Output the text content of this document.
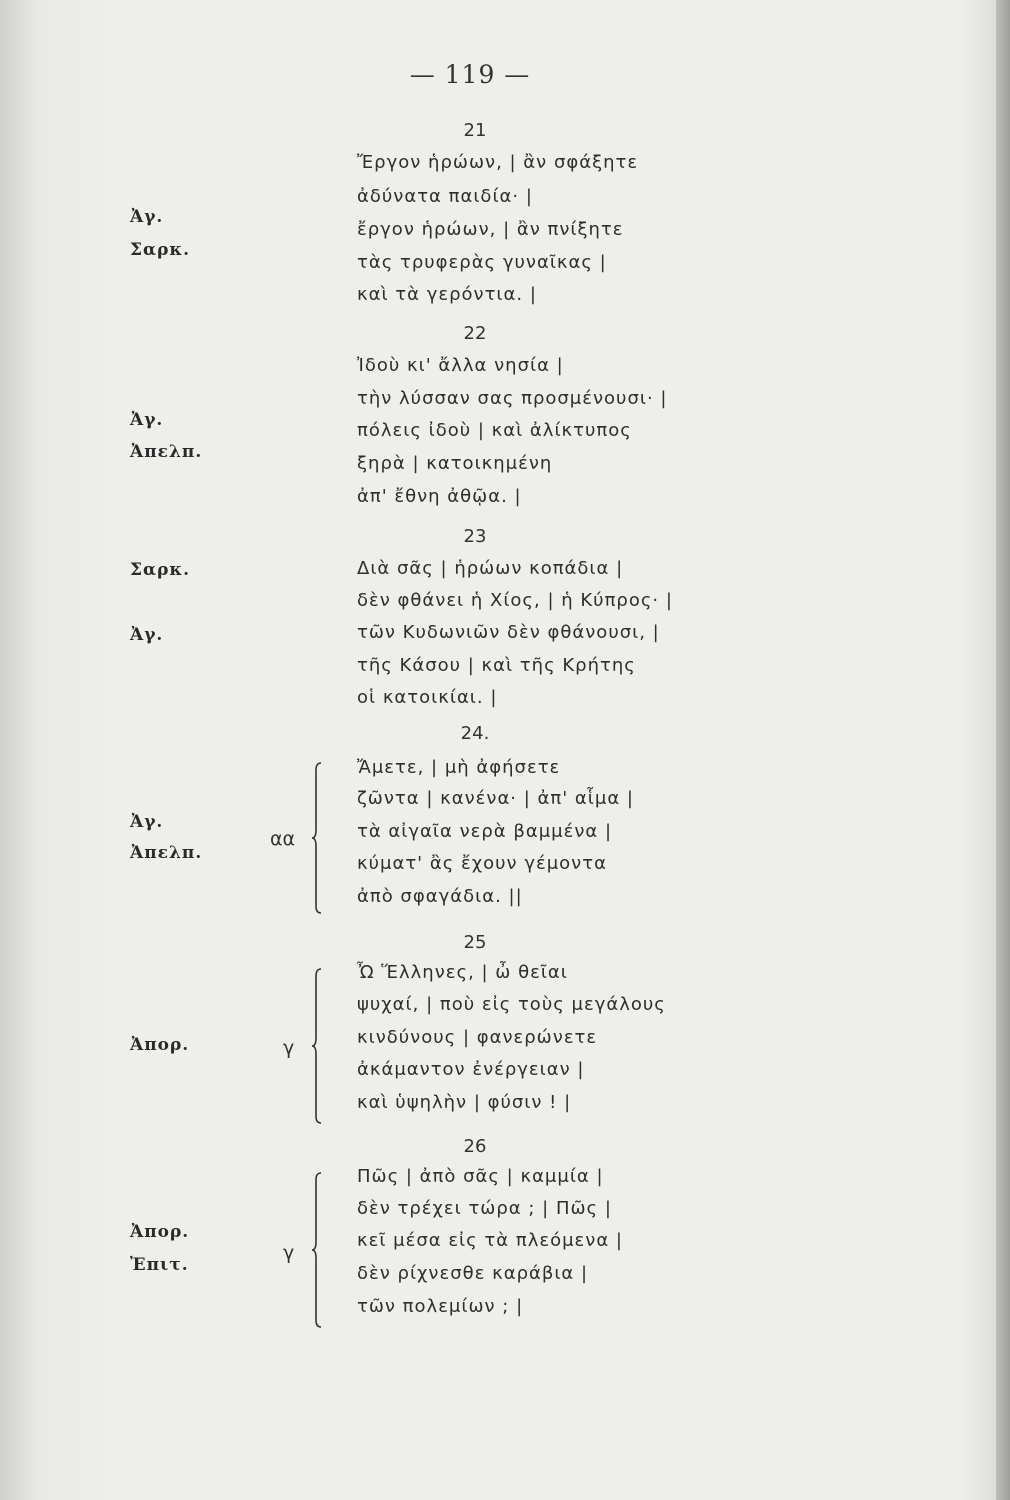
— 119 —
21
Ἔργον ἡρώων, | ἂν σφάξητε
ἀδύνατα παιδία· |
ἔργον ἡρώων, | ἂν πνίξητε
τὰς τρυφερὰς γυναῖκας |
καὶ τὰ γερόντια. |
Ἀγ.
Σαρκ.
22
Ἰδοὺ κι' ἄλλα νησία |
τὴν λύσσαν σας προσμένουσι· |
πόλεις ἰδοὺ | καὶ ἀλίκτυπος
ξηρὰ | κατοικημένη
ἀπ' ἔθνη ἀθῷα. |
Ἀγ.
Ἀπελπ.
23
Διὰ σᾶς | ἡρώων κοπάδια |
δὲν φθάνει ἡ Χίος, | ἡ Κύπρος· |
τῶν Κυδωνιῶν δὲν φθάνουσι, |
τῆς Κάσου | καὶ τῆς Κρήτης
οἱ κατοικίαι. |
Σαρκ.
Ἀγ.
24.
Ἄμετε, | μὴ ἀφήσετε
ζῶντα | κανένα· | ἀπ' αἷμα |
τὰ αἰγαῖα νερὰ βαμμένα |
κύματ' ἂς ἔχουν γέμοντα
ἀπὸ σφαγάδια. ||
Ἀγ.
Ἀπελπ.
αα
25
Ὦ Ἕλληνες, | ὦ θεῖαι
ψυχαί, | ποὺ εἰς τοὺς μεγάλους
κινδύνους | φανερώνετε
ἀκάμαντον ἐνέργειαν |
καὶ ὑψηλὴν | φύσιν ! |
Ἀπορ.	γ
26
Πῶς | ἀπὸ σᾶς | καμμία |
δὲν τρέχει τώρα ; | Πῶς |
κεῖ μέσα εἰς τὰ πλεόμενα |
δὲν ρίχνεσθε καράβια |
τῶν πολεμίων ; |
Ἀπορ.
Ἐπιτ.
γ
